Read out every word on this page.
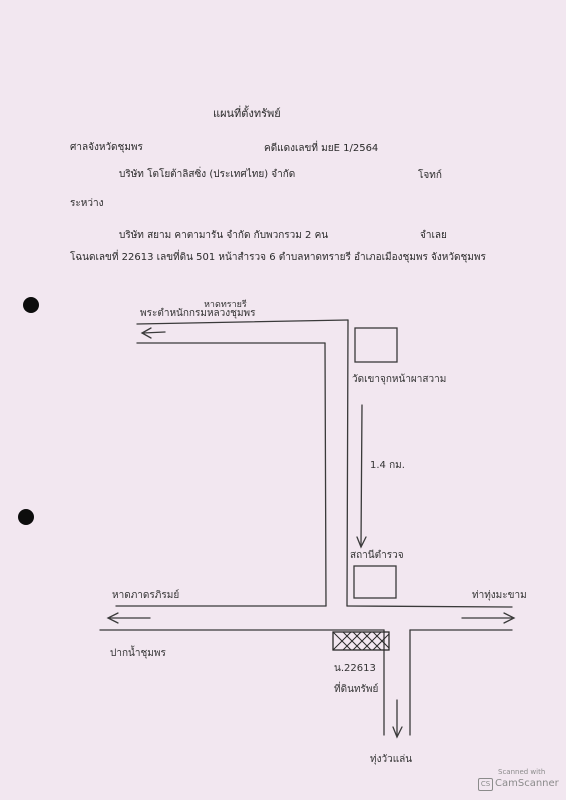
แผนที่ตั้งทรัพย์
ศาลจังหวัดชุมพร	คดีแดงเลขที่ มยE 1/2564
บริษัท โตโยต้าลิสซิ่ง (ประเทศไทย) จำกัด	โจทก์
ระหว่าง
บริษัท สยาม คาตามารัน จำกัด กับพวกรวม 2 คน	จำเลย
โฉนดเลขที่ 22613 เลขที่ดิน 501 หน้าสำรวจ 6 ตำบลหาดทรายรี อำเภอเมืองชุมพร จังหวัดชุมพร
หาดทรายรี
พระตำหนักกรมหลวงชุมพร
วัดเขาจุกหน้าผาสวาม
1.4 กม.
สถานีตำรวจ
หาดภาดรภิรมย์	ท่าทุ่งมะขาม
ปากน้ำชุมพร
น.22613
ที่ดินทรัพย์
ทุ่งวัวแล่น
Scanned with
CS CamScanner
